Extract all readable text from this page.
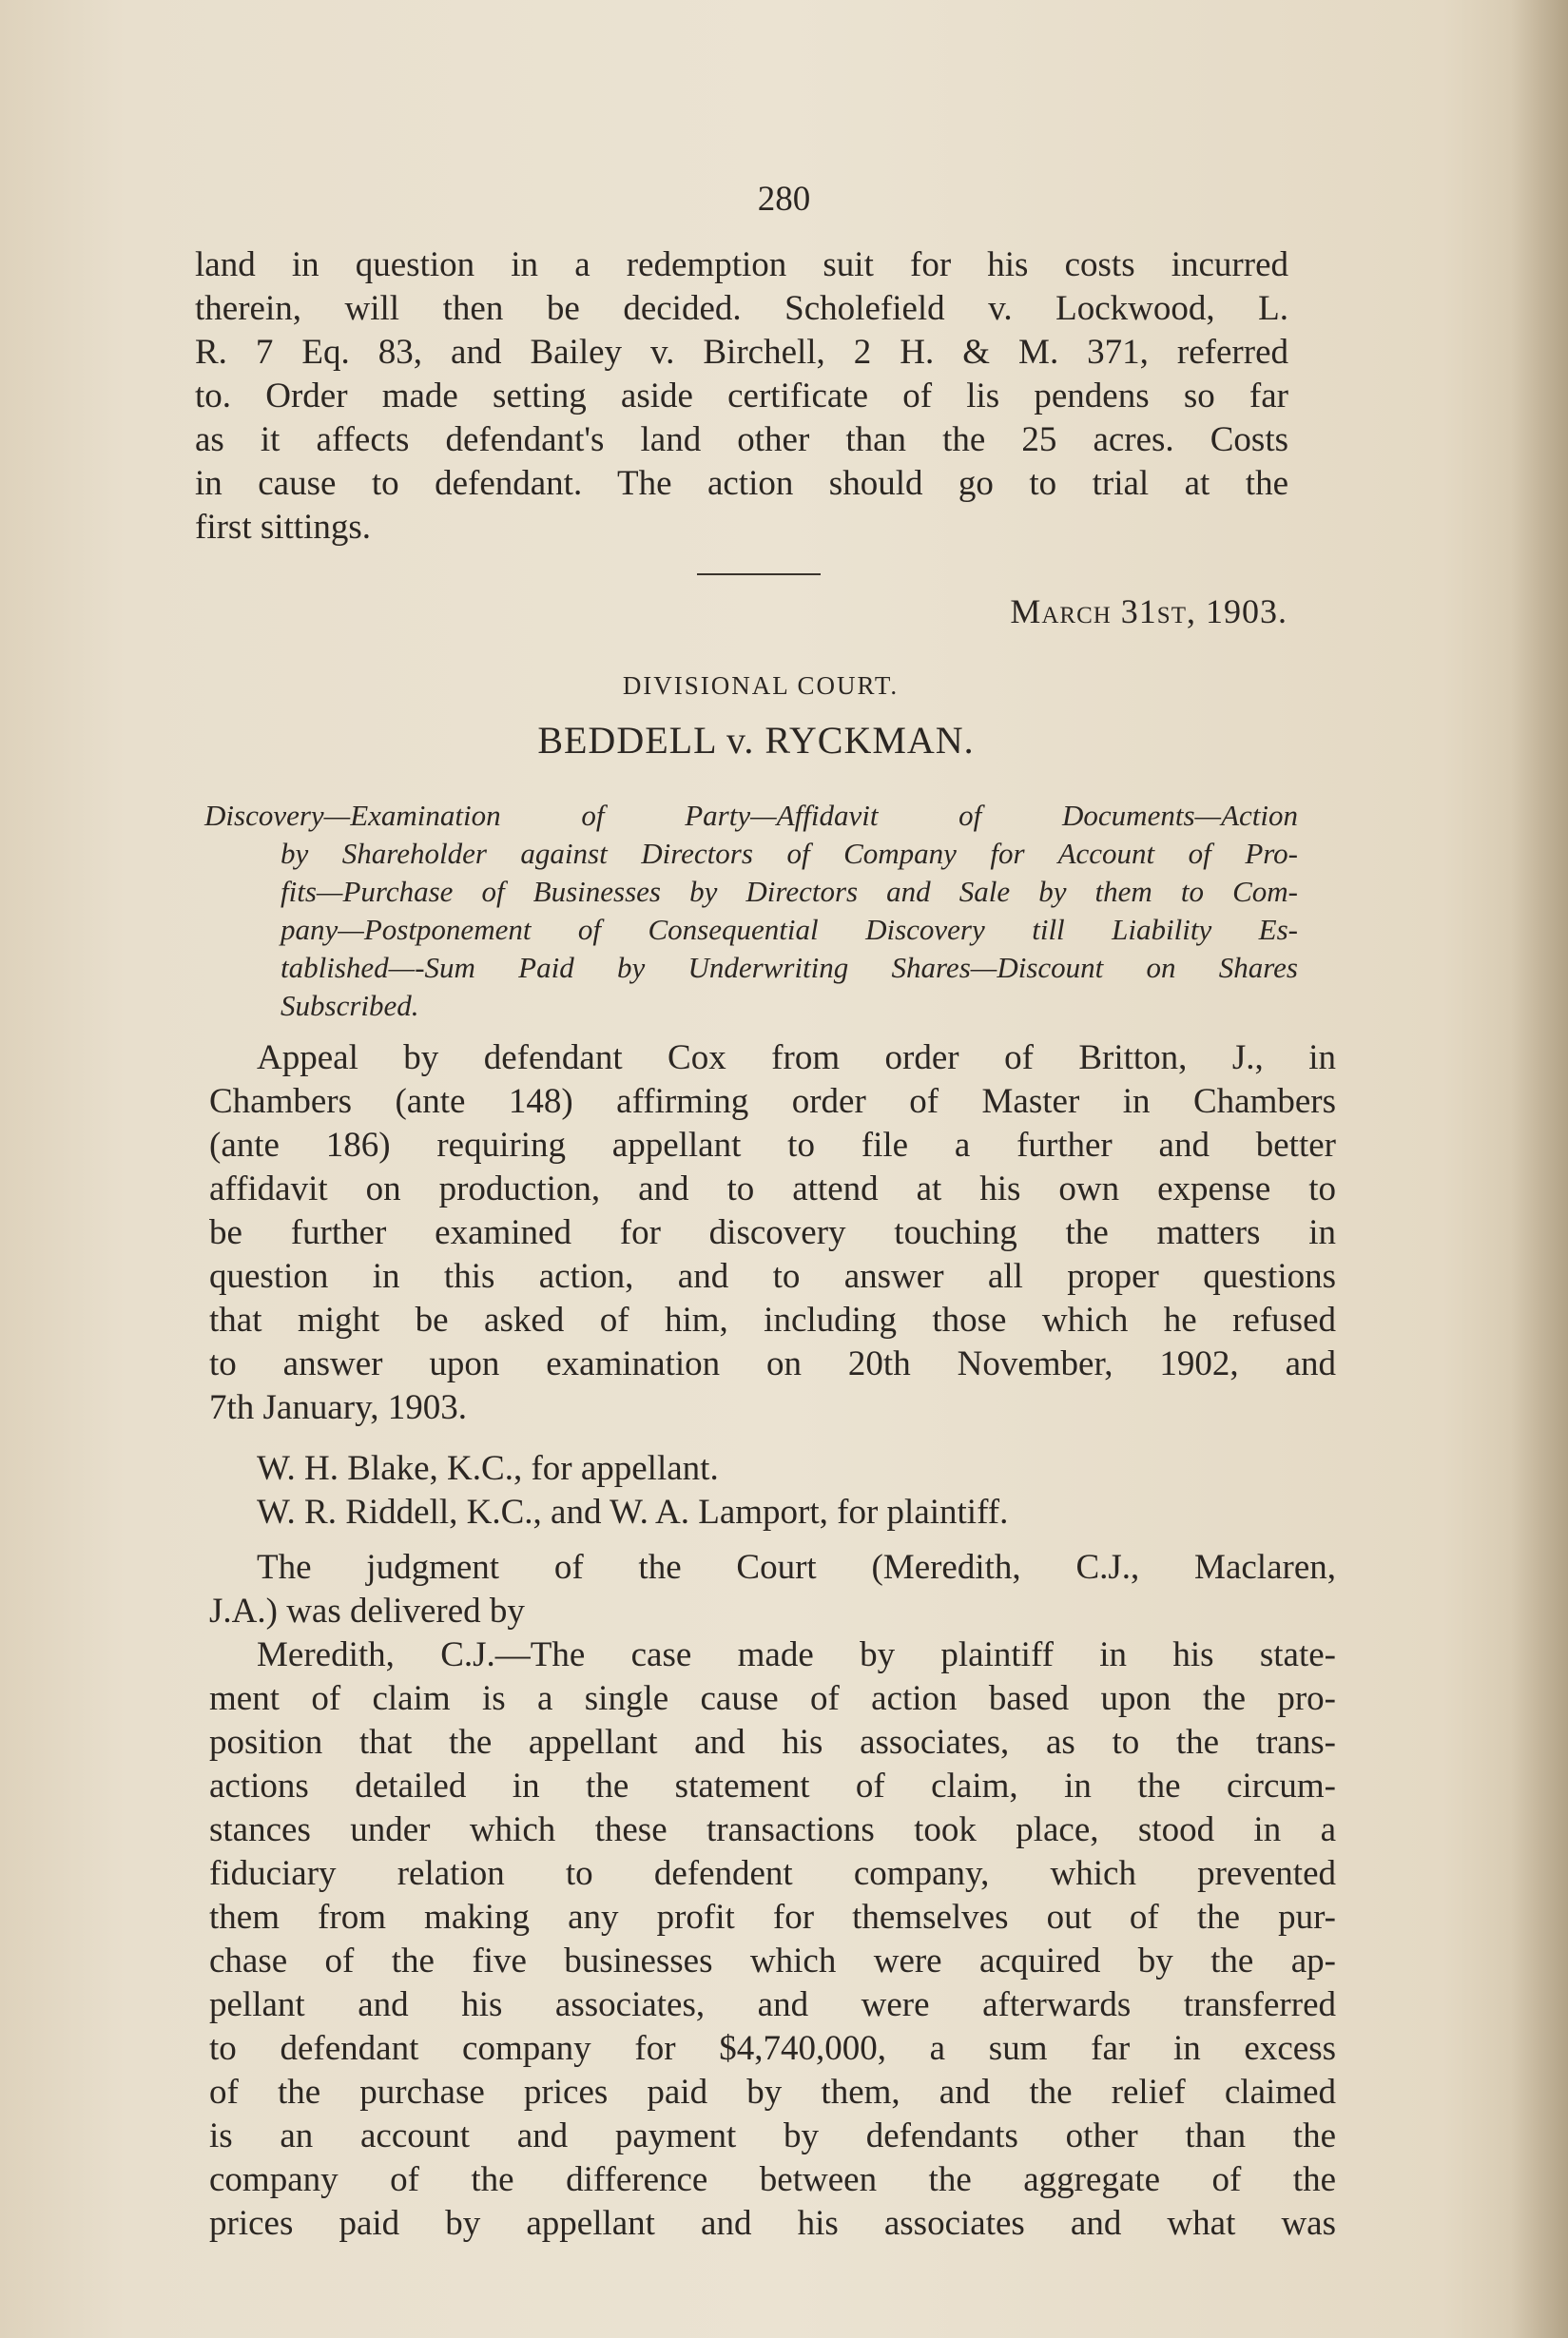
280
land in question in a redemption suit for his costs incurred
therein, will then be decided. Scholefield v. Lockwood, L.
R. 7 Eq. 83, and Bailey v. Birchell, 2 H. & M. 371, referred
to. Order made setting aside certificate of lis pendens so far
as it affects defendant's land other than the 25 acres. Costs
in cause to defendant. The action should go to trial at the
first sittings.
March 31st, 1903.
DIVISIONAL COURT.
BEDDELL v. RYCKMAN.
Discovery—Examination of Party—Affidavit of Documents—Action
by Shareholder against Directors of Company for Account of Pro-
fits—Purchase of Businesses by Directors and Sale by them to Com-
pany—Postponement of Consequential Discovery till Liability Es-
tablished—-Sum Paid by Underwriting Shares—Discount on Shares
Subscribed.
Appeal by defendant Cox from order of Britton, J., in
Chambers (ante 148) affirming order of Master in Chambers
(ante 186) requiring appellant to file a further and better
affidavit on production, and to attend at his own expense to
be further examined for discovery touching the matters in
question in this action, and to answer all proper questions
that might be asked of him, including those which he refused
to answer upon examination on 20th November, 1902, and
7th January, 1903.
W. H. Blake, K.C., for appellant.
W. R. Riddell, K.C., and W. A. Lamport, for plaintiff.
The judgment of the Court (Meredith, C.J., Maclaren,
J.A.) was delivered by
Meredith, C.J.—The case made by plaintiff in his state-
ment of claim is a single cause of action based upon the pro-
position that the appellant and his associates, as to the trans-
actions detailed in the statement of claim, in the circum-
stances under which these transactions took place, stood in a
fiduciary relation to defendent company, which prevented
them from making any profit for themselves out of the pur-
chase of the five businesses which were acquired by the ap-
pellant and his associates, and were afterwards transferred
to defendant company for $4,740,000, a sum far in excess
of the purchase prices paid by them, and the relief claimed
is an account and payment by defendants other than the
company of the difference between the aggregate of the
prices paid by appellant and his associates and what was
